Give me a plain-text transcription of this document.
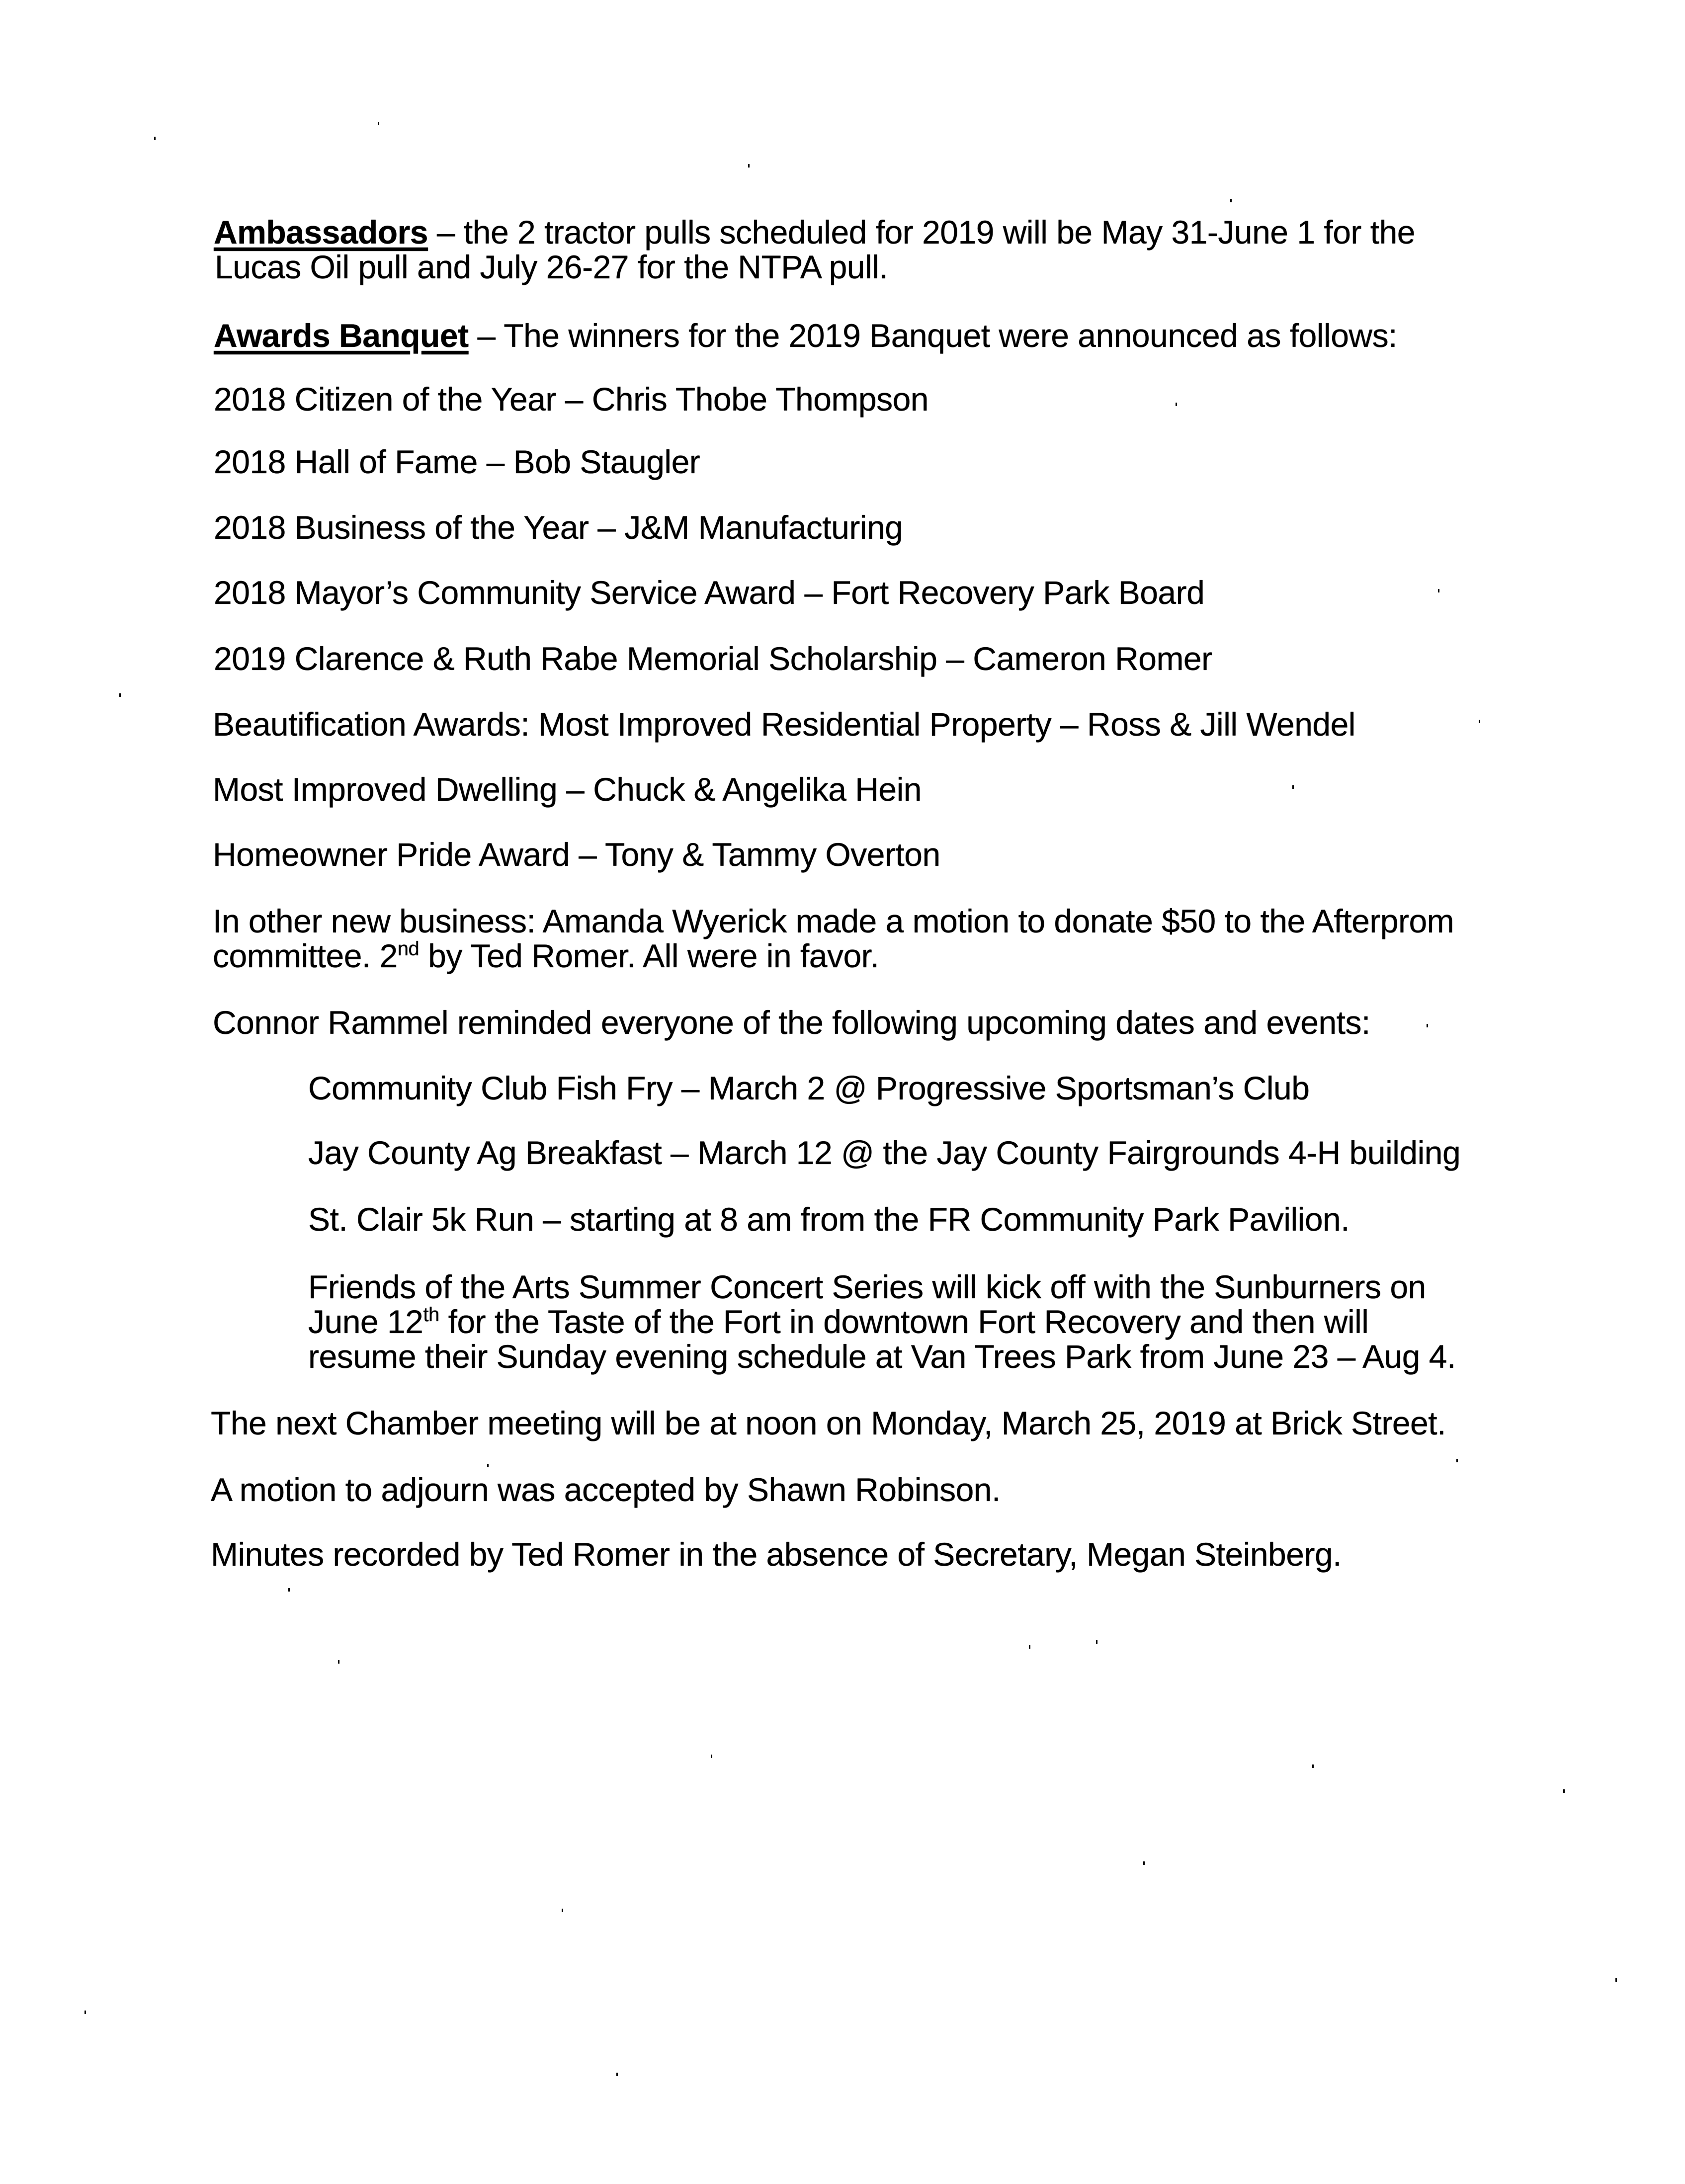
Ambassadors – the 2 tractor pulls scheduled for 2019 will be May 31-June 1 for the
Lucas Oil pull and July 26-27 for the NTPA pull.
Awards Banquet – The winners for the 2019 Banquet were announced as follows:
2018 Citizen of the Year – Chris Thobe Thompson
2018 Hall of Fame – Bob Staugler
2018 Business of the Year – J&M Manufacturing
2018 Mayor’s Community Service Award – Fort Recovery Park Board
2019 Clarence & Ruth Rabe Memorial Scholarship – Cameron Romer
Beautification Awards: Most Improved Residential Property – Ross & Jill Wendel
Most Improved Dwelling – Chuck & Angelika Hein
Homeowner Pride Award – Tony & Tammy Overton
In other new business: Amanda Wyerick made a motion to donate $50 to the Afterprom
committee. 2nd by Ted Romer. All were in favor.
Connor Rammel reminded everyone of the following upcoming dates and events:
Community Club Fish Fry – March 2 @ Progressive Sportsman’s Club
Jay County Ag Breakfast – March 12 @ the Jay County Fairgrounds 4-H building
St. Clair 5k Run – starting at 8 am from the FR Community Park Pavilion.
Friends of the Arts Summer Concert Series will kick off with the Sunburners on
June 12th for the Taste of the Fort in downtown Fort Recovery and then will
resume their Sunday evening schedule at Van Trees Park from June 23 – Aug 4.
The next Chamber meeting will be at noon on Monday, March 25, 2019 at Brick Street.
A motion to adjourn was accepted by Shawn Robinson.
Minutes recorded by Ted Romer in the absence of Secretary, Megan Steinberg.
